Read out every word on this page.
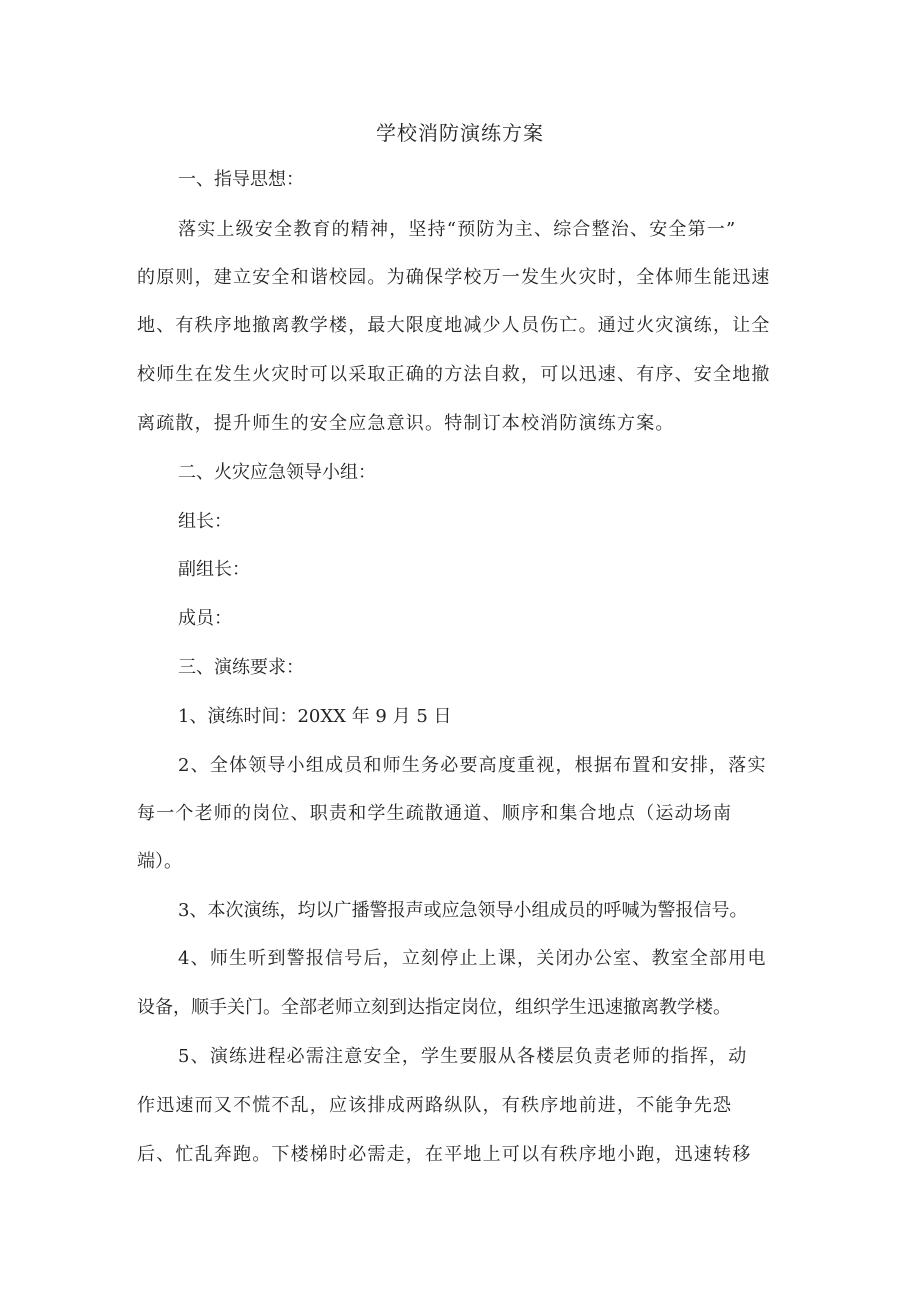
学校消防演练方案
一、指导思想：
落实上级安全教育的精神，坚持“预防为主、综合整治、安全第一”
的原则，建立安全和谐校园。为确保学校万一发生火灾时，全体师生能迅速
地、有秩序地撤离教学楼，最大限度地减少人员伤亡。通过火灾演练，让全
校师生在发生火灾时可以采取正确的方法自救，可以迅速、有序、安全地撤
离疏散，提升师生的安全应急意识。特制订本校消防演练方案。
二、火灾应急领导小组：
组长：
副组长：
成员：
三、演练要求：
1、演练时间：20XX 年 9 月 5 日
2、全体领导小组成员和师生务必要高度重视，根据布置和安排，落实
每一个老师的岗位、职责和学生疏散通道、顺序和集合地点（运动场南
端）。
3、本次演练，均以广播警报声或应急领导小组成员的呼喊为警报信号。
4、师生听到警报信号后，立刻停止上课，关闭办公室、教室全部用电
设备，顺手关门。全部老师立刻到达指定岗位，组织学生迅速撤离教学楼。
5、演练进程必需注意安全，学生要服从各楼层负责老师的指挥，动
作迅速而又不慌不乱，应该排成两路纵队，有秩序地前进，不能争先恐
后、忙乱奔跑。下楼梯时必需走，在平地上可以有秩序地小跑，迅速转移
